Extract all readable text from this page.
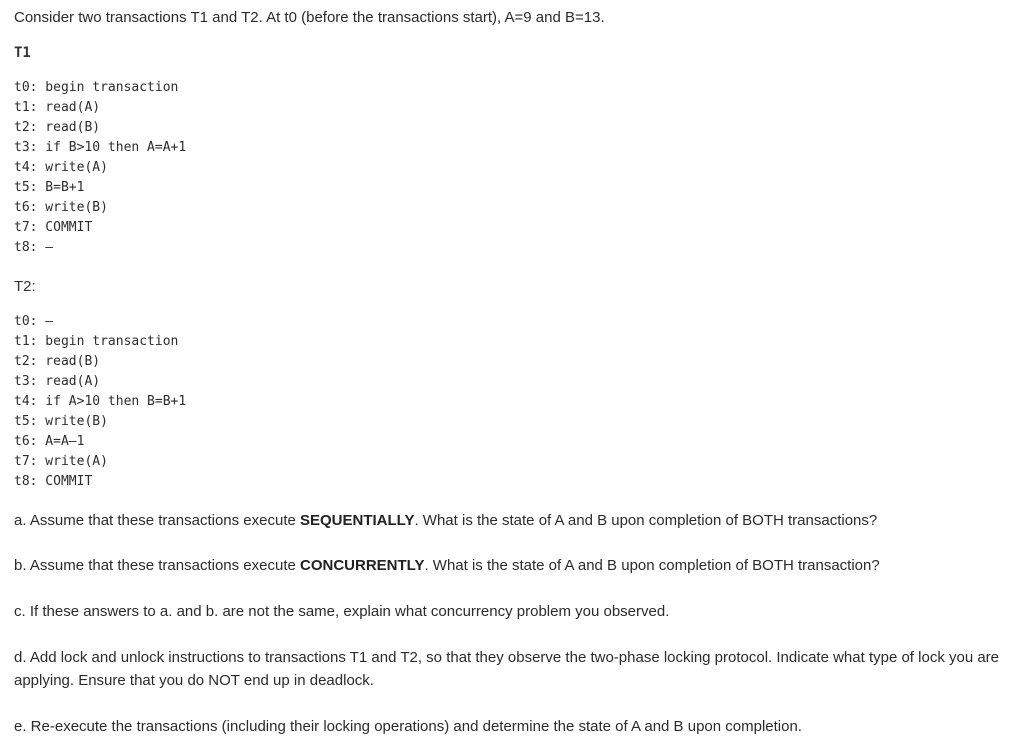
Consider two transactions T1 and T2. At t0 (before the transactions start), A=9 and B=13.
T1
t0: begin transaction
t1: read(A)
t2: read(B)
t3: if B>10 then A=A+1
t4: write(A)
t5: B=B+1
t6: write(B)
t7: COMMIT
t8: –
T2:
t0: –
t1: begin transaction
t2: read(B)
t3: read(A)
t4: if A>10 then B=B+1
t5: write(B)
t6: A=A–1
t7: write(A)
t8: COMMIT
a. Assume that these transactions execute SEQUENTIALLY. What is the state of A and B upon completion of BOTH transactions?
b. Assume that these transactions execute CONCURRENTLY. What is the state of A and B upon completion of BOTH transaction?
c. If these answers to a. and b. are not the same, explain what concurrency problem you observed.
d. Add lock and unlock instructions to transactions T1 and T2, so that they observe the two-phase locking protocol. Indicate what type of lock you are applying. Ensure that you do NOT end up in deadlock.
e. Re-execute the transactions (including their locking operations) and determine the state of A and B upon completion.
